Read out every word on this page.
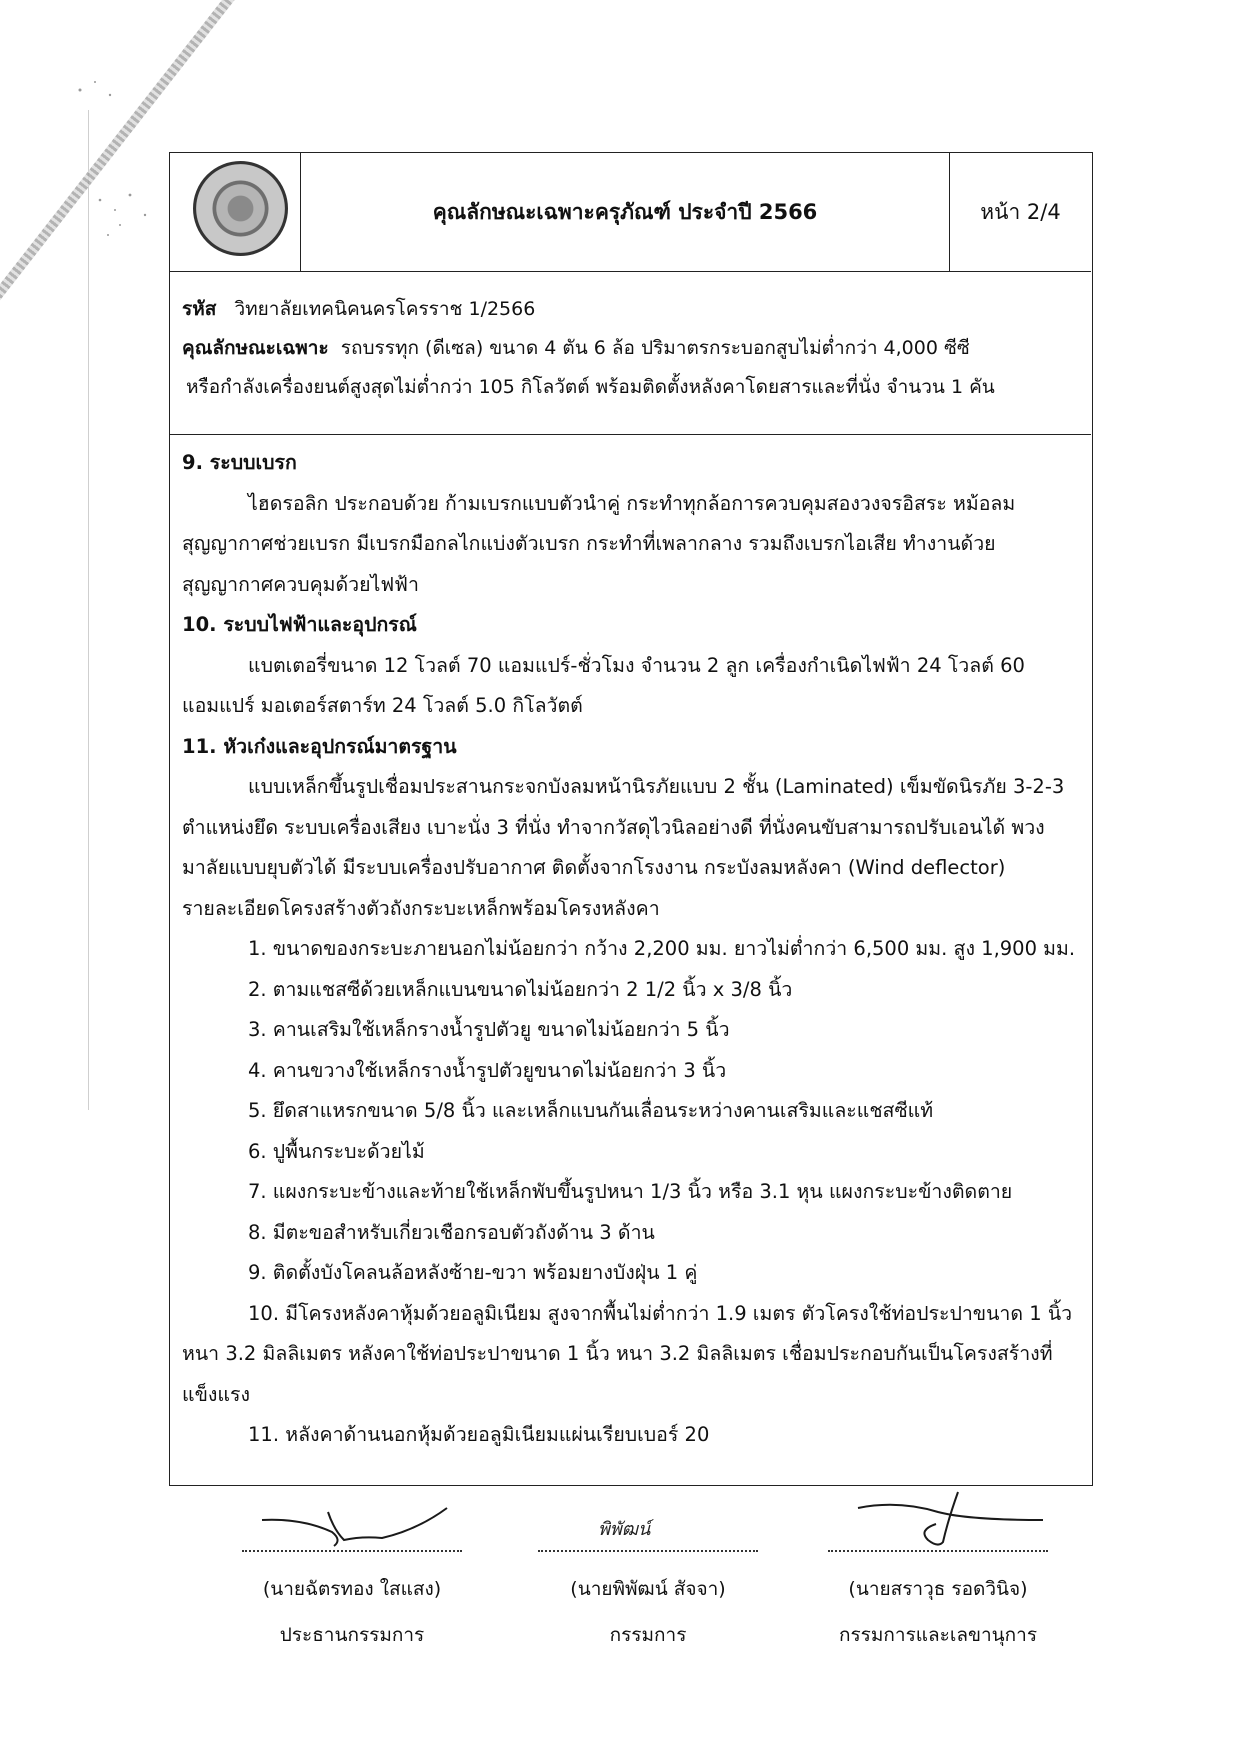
คุณลักษณะเฉพาะครุภัณฑ์ ประจำปี 2566	หน้า 2/4
รหัส วิทยาลัยเทคนิคนครโครราช 1/2566
คุณลักษณะเฉพาะ รถบรรทุก (ดีเซล) ขนาด 4 ตัน 6 ล้อ ปริมาตรกระบอกสูบไม่ต่ำกว่า 4,000 ซีซี
หรือกำลังเครื่องยนต์สูงสุดไม่ต่ำกว่า 105 กิโลวัตต์ พร้อมติดตั้งหลังคาโดยสารและที่นั่ง จำนวน 1 คัน

9. ระบบเบรก

ไฮดรอลิก ประกอบด้วย ก้ามเบรกแบบตัวนำคู่ กระทำทุกล้อการควบคุมสองวงจรอิสระ หม้อลมสุญญากาศช่วยเบรก มีเบรกมือกลไกแบ่งตัวเบรก กระทำที่เพลากลาง รวมถึงเบรกไอเสีย ทำงานด้วยสุญญากาศควบคุมด้วยไฟฟ้า

10. ระบบไฟฟ้าและอุปกรณ์

แบตเตอรี่ขนาด 12 โวลต์ 70 แอมแปร์-ชั่วโมง จำนวน 2 ลูก เครื่องกำเนิดไฟฟ้า 24 โวลต์ 60 แอมแปร์ มอเตอร์สตาร์ท 24 โวลต์ 5.0 กิโลวัตต์

11. หัวเก๋งและอุปกรณ์มาตรฐาน

แบบเหล็กขึ้นรูปเชื่อมประสานกระจกบังลมหน้านิรภัยแบบ 2 ชั้น (Laminated) เข็มขัดนิรภัย 3-2-3 ตำแหน่งยึด ระบบเครื่องเสียง เบาะนั่ง 3 ที่นั่ง ทำจากวัสดุไวนิลอย่างดี ที่นั่งคนขับสามารถปรับเอนได้ พวงมาลัยแบบยุบตัวได้ มีระบบเครื่องปรับอากาศ ติดตั้งจากโรงงาน กระบังลมหลังคา (Wind deflector)

รายละเอียดโครงสร้างตัวถังกระบะเหล็กพร้อมโครงหลังคา

1. ขนาดของกระบะภายนอกไม่น้อยกว่า กว้าง 2,200 มม. ยาวไม่ต่ำกว่า 6,500 มม. สูง 1,900 มม.

2. ตามแชสซีด้วยเหล็กแบนขนาดไม่น้อยกว่า 2 1/2 นิ้ว x 3/8 นิ้ว

3. คานเสริมใช้เหล็กรางน้ำรูปตัวยู ขนาดไม่น้อยกว่า 5 นิ้ว

4. คานขวางใช้เหล็กรางน้ำรูปตัวยูขนาดไม่น้อยกว่า 3 นิ้ว

5. ยึดสาแหรกขนาด 5/8 นิ้ว และเหล็กแบนกันเลื่อนระหว่างคานเสริมและแชสซีแท้

6. ปูพื้นกระบะด้วยไม้

7. แผงกระบะข้างและท้ายใช้เหล็กพับขึ้นรูปหนา 1/3 นิ้ว หรือ 3.1 หุน แผงกระบะข้างติดตาย

8. มีตะขอสำหรับเกี่ยวเชือกรอบตัวถังด้าน 3 ด้าน

9. ติดตั้งบังโคลนล้อหลังซ้าย-ขวา พร้อมยางบังฝุ่น 1 คู่

10. มีโครงหลังคาหุ้มด้วยอลูมิเนียม สูงจากพื้นไม่ต่ำกว่า 1.9 เมตร ตัวโครงใช้ท่อประปาขนาด 1 นิ้ว หนา 3.2 มิลลิเมตร หลังคาใช้ท่อประปาขนาด 1 นิ้ว หนา 3.2 มิลลิเมตร เชื่อมประกอบกันเป็นโครงสร้างที่แข็งแรง

11. หลังคาด้านนอกหุ้มด้วยอลูมิเนียมแผ่นเรียบเบอร์ 20

(นายฉัตรทอง ใสแสง)
ประธานกรรมการ
พิพัฒน์
(นายพิพัฒน์ สัจจา)
กรรมการ
(นายสราวุธ รอดวินิจ)
กรรมการและเลขานุการ
